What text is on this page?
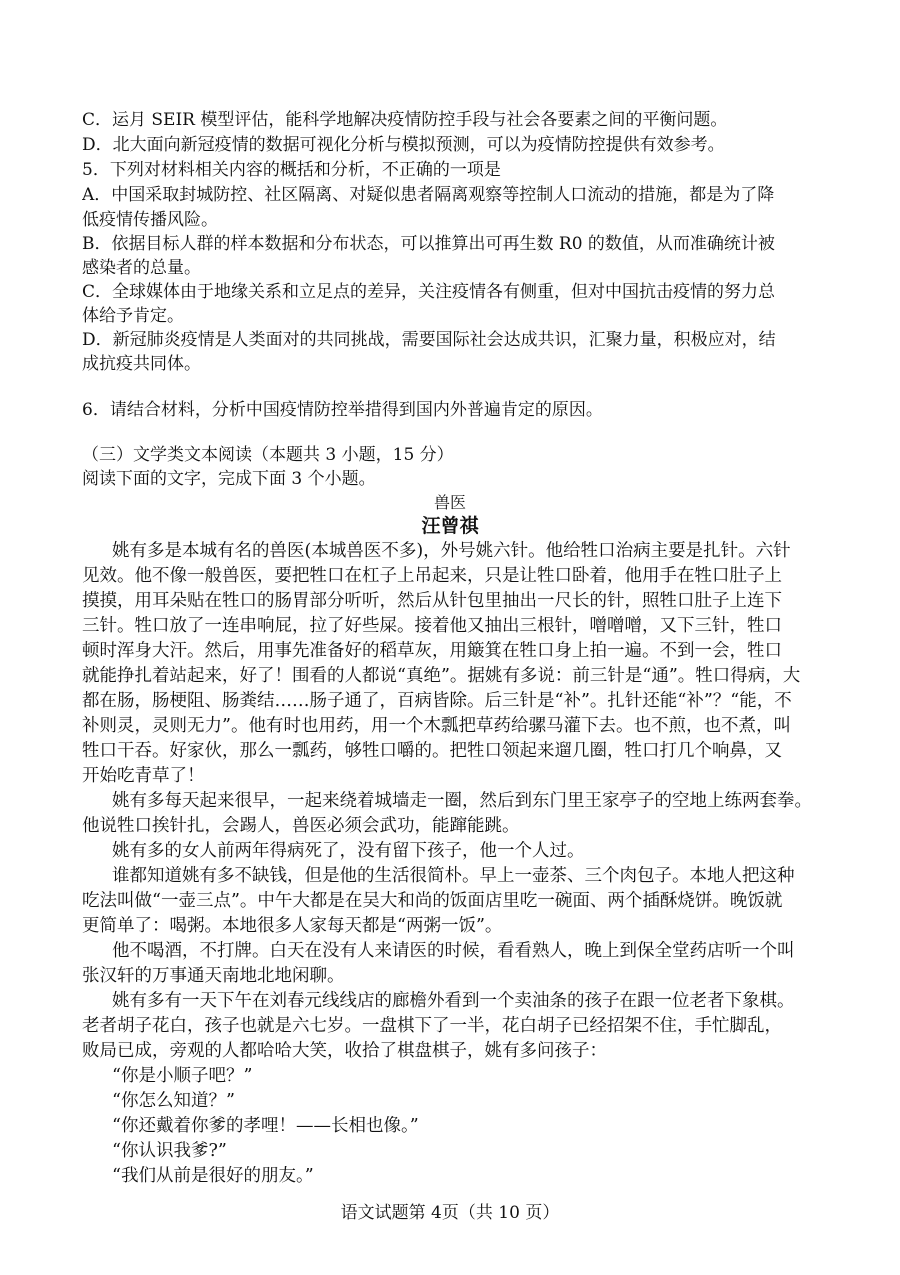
C．运月 SEIR 模型评估，能科学地解决疫情防控手段与社会各要素之间的平衡问题。
D．北大面向新冠疫情的数据可视化分析与模拟预测，可以为疫情防控提供有效参考。
5．下列对材料相关内容的概括和分析，不正确的一项是
A．中国采取封城防控、社区隔离、对疑似患者隔离观察等控制人口流动的措施，都是为了降
低疫情传播风险。
B．依据目标人群的样本数据和分布状态，可以推算出可再生数 R0 的数值，从而准确统计被
感染者的总量。
C．全球媒体由于地缘关系和立足点的差异，关注疫情各有侧重，但对中国抗击疫情的努力总
体给予肯定。
D．新冠肺炎疫情是人类面对的共同挑战，需要国际社会达成共识，汇聚力量，积极应对，结
成抗疫共同体。
6．请结合材料，分析中国疫情防控举措得到国内外普遍肯定的原因。
（三）文学类文本阅读（本题共 3 小题，15 分）
阅读下面的文字，完成下面 3 个小题。
兽医
汪曾祺
姚有多是本城有名的兽医(本城兽医不多)，外号姚六针。他给牲口治病主要是扎针。六针
见效。他不像一般兽医，要把牲口在杠子上吊起来，只是让牲口卧着，他用手在牲口肚子上
摸摸，用耳朵贴在牲口的肠胃部分听听，然后从针包里抽出一尺长的针，照牲口肚子上连下
三针。牲口放了一连串响屁，拉了好些屎。接着他又抽出三根针，噌噌噌，又下三针，牲口
顿时浑身大汗。然后，用事先准备好的稻草灰，用簸箕在牲口身上拍一遍。不到一会，牲口
就能挣扎着站起来，好了！围看的人都说“真绝”。据姚有多说：前三针是“通”。牲口得病，大
都在肠，肠梗阻、肠粪结……肠子通了，百病皆除。后三针是“补”。扎针还能“补”？“能，不
补则灵，灵则无力”。他有时也用药，用一个木瓢把草药给骡马灌下去。也不煎，也不煮，叫
牲口干吞。好家伙，那么一瓢药，够牲口嚼的。把牲口领起来遛几圈，牲口打几个响鼻，又
开始吃青草了！
姚有多每天起来很早，一起来绕着城墙走一圈，然后到东门里王家亭子的空地上练两套拳。
他说牲口挨针扎，会踢人，兽医必须会武功，能蹿能跳。
姚有多的女人前两年得病死了，没有留下孩子，他一个人过。
谁都知道姚有多不缺钱，但是他的生活很简朴。早上一壶茶、三个肉包子。本地人把这种
吃法叫做“一壶三点”。中午大都是在吴大和尚的饭面店里吃一碗面、两个插酥烧饼。晚饭就
更简单了：喝粥。本地很多人家每天都是“两粥一饭”。
他不喝酒，不打牌。白天在没有人来请医的时候，看看熟人，晚上到保全堂药店听一个叫
张汉轩的万事通天南地北地闲聊。
姚有多有一天下午在刘春元线线店的廊檐外看到一个卖油条的孩子在跟一位老者下象棋。
老者胡子花白，孩子也就是六七岁。一盘棋下了一半，花白胡子已经招架不住，手忙脚乱，
败局已成，旁观的人都哈哈大笑，收拾了棋盘棋子，姚有多问孩子：
“你是小顺子吧？”
“你怎么知道？”
“你还戴着你爹的孝哩！——长相也像。”
“你认识我爹?”
“我们从前是很好的朋友。”
语文试题第 4页（共 10 页）
